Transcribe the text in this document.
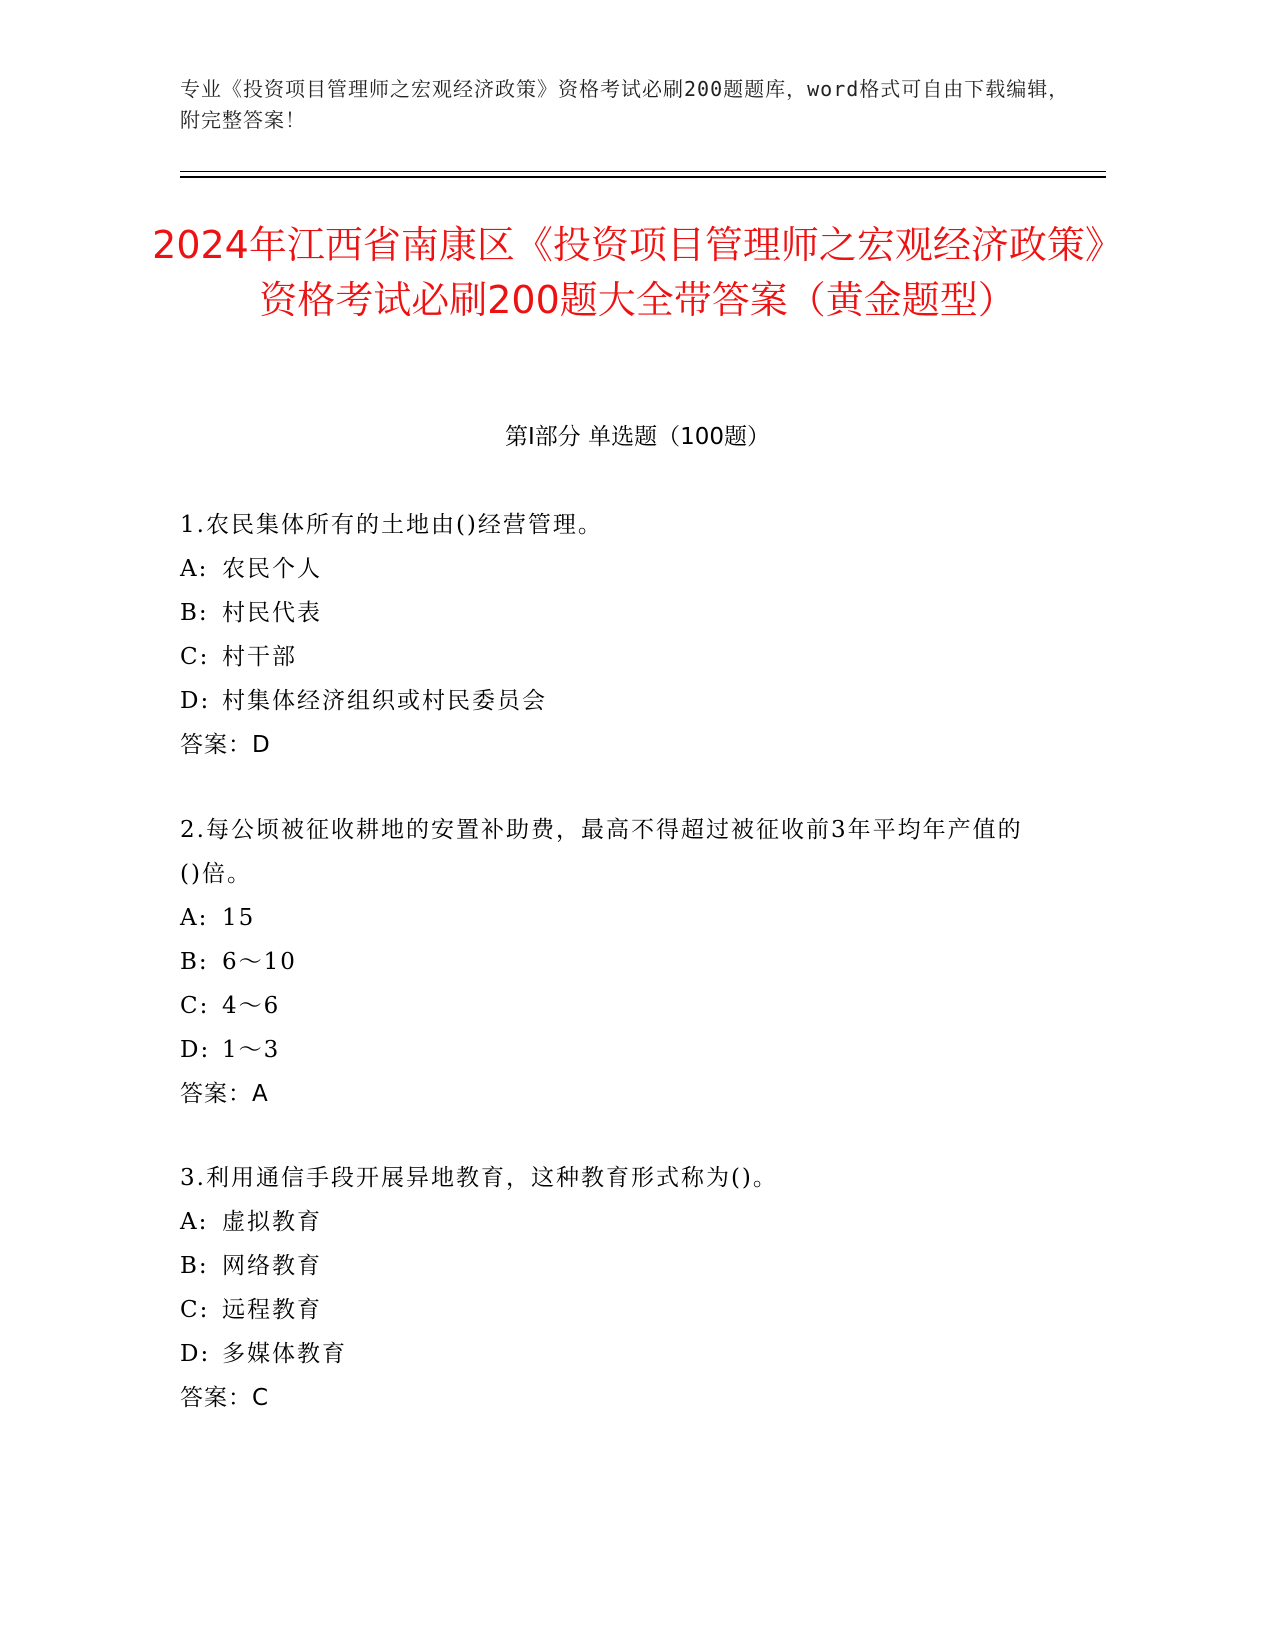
专业《投资项目管理师之宏观经济政策》资格考试必刷200题题库，word格式可自由下载编辑，附完整答案！
2024年江西省南康区《投资项目管理师之宏观经济政策》资格考试必刷200题大全带答案（黄金题型）
第Ⅰ部分 单选题（100题）

1.农民集体所有的土地由()经营管理。

A: 农民个人

B: 村民代表

C: 村干部

D: 村集体经济组织或村民委员会

答案：D

2.每公顷被征收耕地的安置补助费，最高不得超过被征收前3年平均年产值的()倍。

A: 15

B: 6～10

C: 4～6

D: 1～3

答案：A

3.利用通信手段开展异地教育，这种教育形式称为()。

A: 虚拟教育

B: 网络教育

C: 远程教育

D: 多媒体教育

答案：C
